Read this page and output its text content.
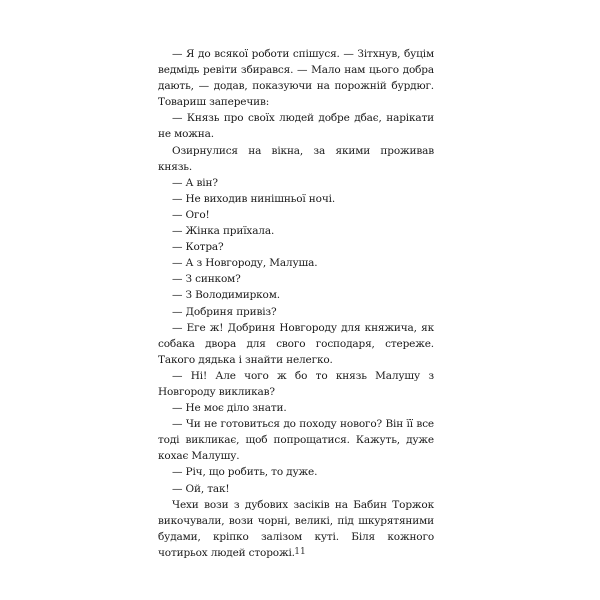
— Я до всякої роботи спішуся. — Зітхнув, буцім ведмідь ревіти збирався. — Мало нам цього добра дають, — додав, показуючи на порожній бурдюг. Товариш заперечив:

— Князь про своїх людей добре дбає, нарікати не можна.

Озирнулися на вікна, за якими проживав князь.

— А він?

— Не виходив нинішньої ночі.

— Ого!

— Жінка приїхала.

— Котра?

— А з Новгороду, Малуша.

— З синком?

— З Володимирком.

— Добриня привіз?

— Еге ж! Добриня Новгороду для княжича, як собака двора для свого господаря, стереже. Такого дядька і знайти нелегко.

— Ні! Але чого ж бо то князь Малушу з Новгороду викликав?

— Не моє діло знати.

— Чи не готовиться до походу нового? Він її все тоді викликає, щоб попрощатися. Кажуть, дуже кохає Малушу.

— Річ, що робить, то дуже.

— Ой, так!

Чехи вози з дубових засіків на Бабин Торжок викочували, вози чорні, великі, під шкурятяними будами, кріпко залізом куті. Біля кожного чотирьох людей сторожі. 11
